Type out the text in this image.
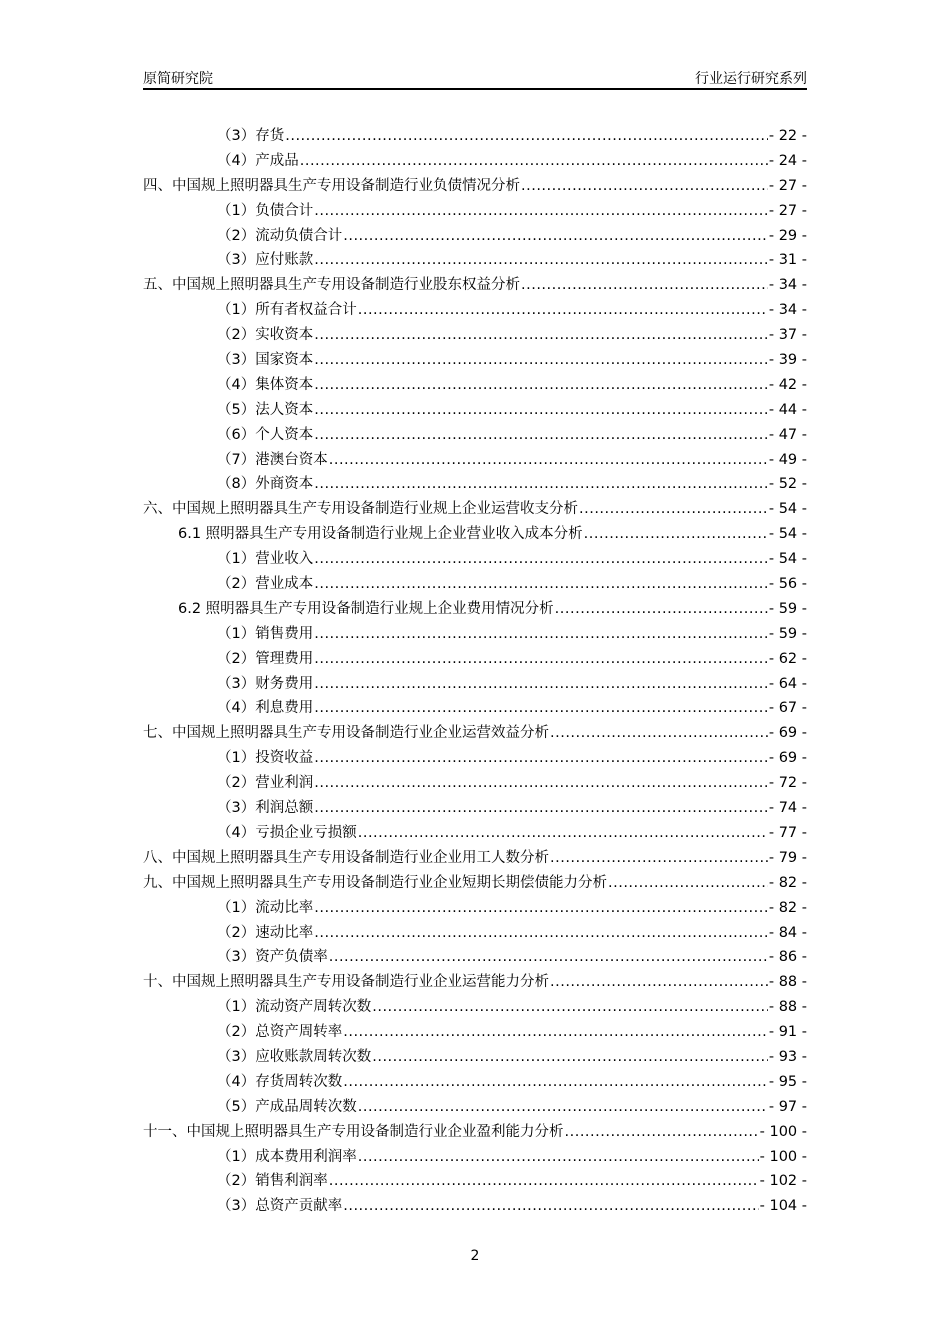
原简研究院	行业运行研究系列
（3）存货 .....	- 22 -
（4）产成品 .....	- 24 -
四、中国规上照明器具生产专用设备制造行业负债情况分析 .....	- 27 -
（1）负债合计 .....	- 27 -
（2）流动负债合计 .....	- 29 -
（3）应付账款 .....	- 31 -
五、中国规上照明器具生产专用设备制造行业股东权益分析 .....	- 34 -
（1）所有者权益合计 .....	- 34 -
（2）实收资本 .....	- 37 -
（3）国家资本 .....	- 39 -
（4）集体资本 .....	- 42 -
（5）法人资本 .....	- 44 -
（6）个人资本 .....	- 47 -
（7）港澳台资本 .....	- 49 -
（8）外商资本 .....	- 52 -
六、中国规上照明器具生产专用设备制造行业规上企业运营收支分析 .....	- 54 -
6.1 照明器具生产专用设备制造行业规上企业营业收入成本分析 .....	- 54 -
（1）营业收入 .....	- 54 -
（2）营业成本 .....	- 56 -
6.2 照明器具生产专用设备制造行业规上企业费用情况分析 .....	- 59 -
（1）销售费用 .....	- 59 -
（2）管理费用 .....	- 62 -
（3）财务费用 .....	- 64 -
（4）利息费用 .....	- 67 -
七、中国规上照明器具生产专用设备制造行业企业运营效益分析 .....	- 69 -
（1）投资收益 .....	- 69 -
（2）营业利润 .....	- 72 -
（3）利润总额 .....	- 74 -
（4）亏损企业亏损额 .....	- 77 -
八、中国规上照明器具生产专用设备制造行业企业用工人数分析 .....	- 79 -
九、中国规上照明器具生产专用设备制造行业企业短期长期偿债能力分析 .....	- 82 -
（1）流动比率 .....	- 82 -
（2）速动比率 .....	- 84 -
（3）资产负债率 .....	- 86 -
十、中国规上照明器具生产专用设备制造行业企业运营能力分析 .....	- 88 -
（1）流动资产周转次数 .....	- 88 -
（2）总资产周转率 .....	- 91 -
（3）应收账款周转次数 .....	- 93 -
（4）存货周转次数 .....	- 95 -
（5）产成品周转次数 .....	- 97 -
十一、中国规上照明器具生产专用设备制造行业企业盈利能力分析 .....	- 100 -
（1）成本费用利润率 .....	- 100 -
（2）销售利润率 .....	- 102 -
（3）总资产贡献率 .....	- 104 -
2
